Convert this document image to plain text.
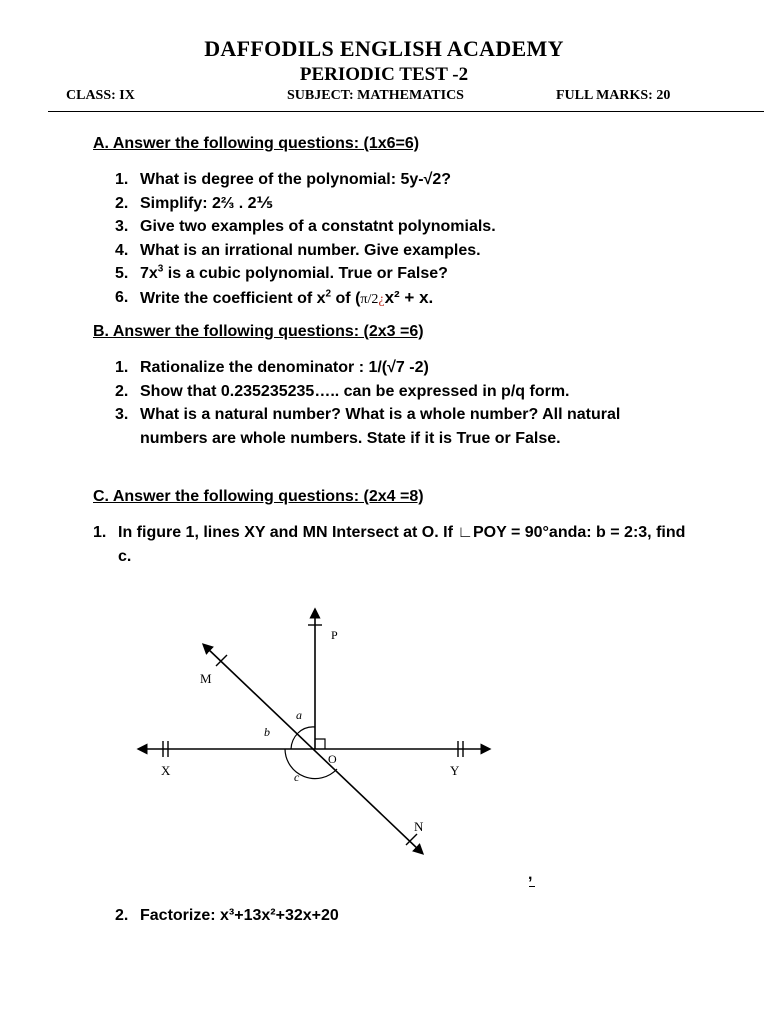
DAFFODILS ENGLISH ACADEMY
PERIODIC TEST -2
CLASS: IX	SUBJECT: MATHEMATICS	FULL MARKS: 20
A. Answer the following questions: (1x6=6)
1. What is degree of the polynomial: 5y-√2?
2. Simplify: 2⅔ . 2⅕
3. Give two examples of a constatnt polynomials.
4. What is an irrational number. Give examples.
5. $7x^3$ is a cubic polynomial. True or False?
6. Write the coefficient of $x^2$ of (π/2¿x² + x.
B. Answer the following questions: (2x3 =6)
1. Rationalize the denominator : 1/(√7 -2)
2. Show that 0.235235235….. can be expressed in p/q form.
3. What is a natural number? What is a whole number? All natural numbers are whole numbers. State if it is True or False.
C. Answer the following questions: (2x4 =8)
1. In figure 1, lines XY and MN Intersect at O. If ∟POY = 90°anda: b = 2:3, find c.
P
M
X	Y
N
O
a
b
c
,
2. Factorize: x³+13x²+32x+20
